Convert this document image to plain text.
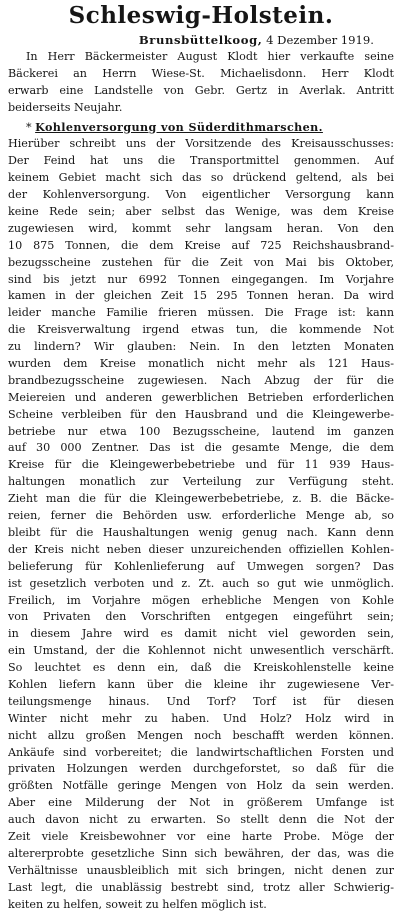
Schleswig-Holstein.
Brunsbüttelkoog, 4 Dezember 1919.
In Herr Bäckermeister August Klodt hier verkaufte seine
Bäckerei an Herrn Wiese-St. Michaelisdonn. Herr Klodt
erwarb eine Landstelle von Gebr. Gertz in Averlak. Antritt
beiderseits Neujahr.
* Kohlenversorgung von Süderdithmarschen.
Hierüber schreibt uns der Vorsitzende des Kreisausschusses:
Der Feind hat uns die Transportmittel genommen. Auf
keinem Gebiet macht sich das so drückend geltend, als bei
der Kohlenversorgung. Von eigentlicher Versorgung kann
keine Rede sein; aber selbst das Wenige, was dem Kreise
zugewiesen wird, kommt sehr langsam heran. Von den
10 875 Tonnen, die dem Kreise auf 725 Reichshausbrand-
bezugsscheine zustehen für die Zeit von Mai bis Oktober,
sind bis jetzt nur 6992 Tonnen eingegangen. Im Vorjahre
kamen in der gleichen Zeit 15 295 Tonnen heran. Da wird
leider manche Familie frieren müssen. Die Frage ist: kann
die Kreisverwaltung irgend etwas tun, die kommende Not
zu lindern? Wir glauben: Nein. In den letzten Monaten
wurden dem Kreise monatlich nicht mehr als 121 Haus-
brandbezugsscheine zugewiesen. Nach Abzug der für die
Meiereien und anderen gewerblichen Betrieben erforderlichen
Scheine verbleiben für den Hausbrand und die Kleingewerbe-
betriebe nur etwa 100 Bezugsscheine, lautend im ganzen
auf 30 000 Zentner. Das ist die gesamte Menge, die dem
Kreise für die Kleingewerbebetriebe und für 11 939 Haus-
haltungen monatlich zur Verteilung zur Verfügung steht.
Zieht man die für die Kleingewerbebetriebe, z. B. die Bäcke-
reien, ferner die Behörden usw. erforderliche Menge ab, so
bleibt für die Haushaltungen wenig genug nach. Kann denn
der Kreis nicht neben dieser unzureichenden offiziellen Kohlen-
belieferung für Kohlenlieferung auf Umwegen sorgen? Das
ist gesetzlich verboten und z. Zt. auch so gut wie unmöglich.
Freilich, im Vorjahre mögen erhebliche Mengen von Kohle
von Privaten den Vorschriften entgegen eingeführt sein;
in diesem Jahre wird es damit nicht viel geworden sein,
ein Umstand, der die Kohlennot nicht unwesentlich verschärft.
So leuchtet es denn ein, daß die Kreiskohlenstelle keine
Kohlen liefern kann über die kleine ihr zugewiesene Ver-
teilungsmenge hinaus. Und Torf? Torf ist für diesen
Winter nicht mehr zu haben. Und Holz? Holz wird in
nicht allzu großen Mengen noch beschafft werden können.
Ankäufe sind vorbereitet; die landwirtschaftlichen Forsten und
privaten Holzungen werden durchgeforstet, so daß für die
größten Notfälle geringe Mengen von Holz da sein werden.
Aber eine Milderung der Not in größerem Umfange ist
auch davon nicht zu erwarten. So stellt denn die Not der
Zeit viele Kreisbewohner vor eine harte Probe. Möge der
altererprobte gesetzliche Sinn sich bewähren, der das, was die
Verhältnisse unausbleiblich mit sich bringen, nicht denen zur
Last legt, die unablässig bestrebt sind, trotz aller Schwierig-
keiten zu helfen, soweit zu helfen möglich ist.
